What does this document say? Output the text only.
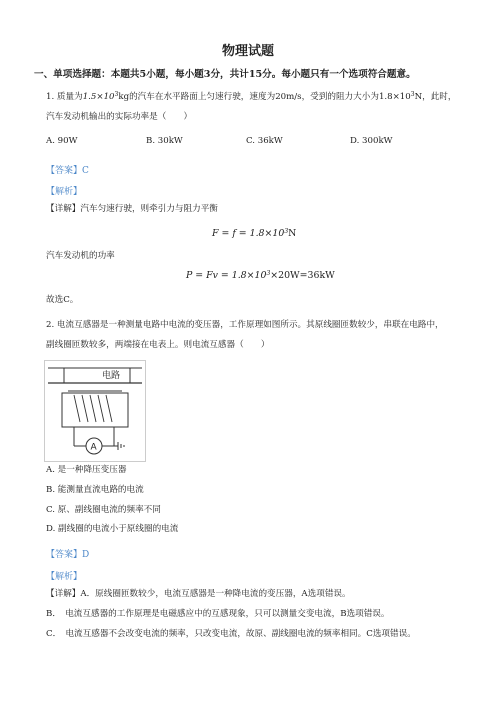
物理试题
一、单项选择题：本题共5小题，每小题3分，共计15分。每小题只有一个选项符合题意。
1. 质量为$1.5\times 10^3kg$的汽车在水平路面上匀速行驶，速度为20m/s，受到的阻力大小为$1.8\times 10^3N$，此时，
汽车发动机输出的实际功率是（　　）
A. 90W	B. 30kW	C. 36kW	D. 300kW
【答案】C
【解析】
【详解】汽车匀速行驶，则牵引力与阻力平衡
$F = f = 1.8\times 10^3N$
汽车发动机的功率
$P = Fv = 1.8\times 10^3\times 20W=36kW$
故选C。
2. 电流互感器是一种测量电路中电流的变压器，工作原理如图所示。其原线圈匝数较少，串联在电路中，
副线圈匝数较多，两端接在电表上。则电流互感器（　　）
电路
A
A. 是一种降压变压器
B. 能测量直流电路的电流
C. 原、副线圈电流的频率不同
D. 副线圈的电流小于原线圈的电流
【答案】D
【解析】
【详解】A．原线圈匝数较少，电流互感器是一种降电流的变压器，A选项错误。
B．　电流互感器的工作原理是电磁感应中的互感现象，只可以测量交变电流，B选项错误。
C．　电流互感器不会改变电流的频率，只改变电流，故原、副线圈电流的频率相同。C选项错误。
